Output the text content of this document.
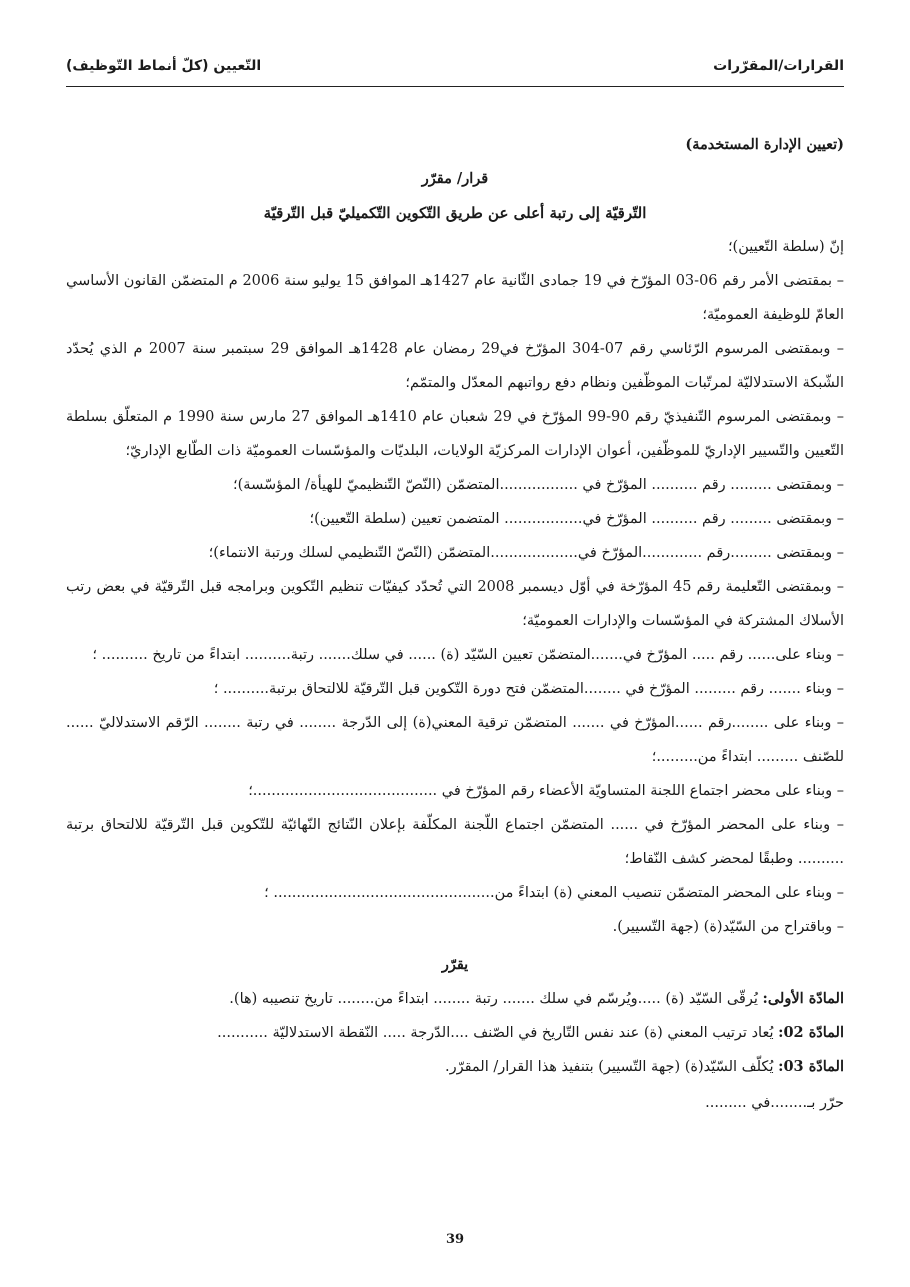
القرارات/المقرّرات
التّعيين (كلّ أنماط التّوظيف)

(تعيين الإدارة المستخدمة)

قرار/ مقرّر

التّرقيّة إلى رتبة أعلى عن طريق التّكوين التّكميليّ قبل التّرقيّة

إنّ (سلطة التّعيين)؛

– بمقتضى الأمر رقم 06-03 المؤرّخ في 19 جمادى الثّانية عام 1427هـ الموافق 15 يوليو سنة 2006 م المتضمّن القانون الأساسي العامّ للوظيفة العموميّة؛

– وبمقتضى المرسوم الرّئاسي رقم 07-304 المؤرّخ في29 رمضان عام 1428هـ الموافق 29 سبتمبر سنة 2007 م الذي يُحدّد الشّبكة الاستدلاليّة لمرتّبات الموظّفين ونظام دفع رواتبهم المعدّل والمتمّم؛

– وبمقتضى المرسوم التّنفيذيّ رقم 90-99 المؤرّخ في 29 شعبان عام 1410هـ الموافق 27 مارس سنة 1990 م المتعلّق بسلطة التّعيين والتّسيير الإداريّ للموظّفين، أعوان الإدارات المركزيّة الولايات، البلديّات والمؤسّسات العموميّة ذات الطّابع الإداريّ؛

– وبمقتضى ......... رقم .......... المؤرّخ في .................المتضمّن (النّصّ التّنظيميّ للهيأة/ المؤسّسة)؛

– وبمقتضى ......... رقم .......... المؤرّخ في................. المتضمن تعيين (سلطة التّعيين)؛

– وبمقتضى .........رقم .............المؤرّخ في...................المتضمّن (النّصّ التّنظيمي لسلك ورتبة الانتماء)؛

– وبمقتضى التّعليمة رقم 45 المؤرّخة في أوّل ديسمبر 2008 التي تُحدّد كيفيّات تنظيم التّكوين وبرامجه قبل التّرقيّة في بعض رتب الأسلاك المشتركة في المؤسّسات والإدارات العموميّة؛

– وبناء على...... رقم ..... المؤرّخ في.......المتضمّن تعيين السّيّد (ة) ...... في سلك....... رتبة.......... ابتداءً من تاريخ .......... ؛

– وبناء ....... رقم ......... المؤرّخ في ........المتضمّن فتح دورة التّكوين قبل التّرقيّة للالتحاق برتبة.......... ؛

– وبناء على ........رقم ......المؤرّخ في ....... المتضمّن ترقية المعني(ة) إلى الدّرجة ........ في رتبة ........ الرّقم الاستدلاليّ ...... للصّنف ......... ابتداءً من.........؛

– وبناء على محضر اجتماع اللجنة المتساويّة الأعضاء رقم المؤرّخ في ........................................؛

– وبناء على المحضر المؤرّخ في ...... المتضمّن اجتماع اللّجنة المكلّفة بإعلان النّتائج النّهائيّة للتّكوين قبل التّرقيّة للالتحاق برتبة .......... وطبقًا لمحضر كشف النّقاط؛

– وبناء على المحضر المتضمّن تنصيب المعني (ة) ابتداءً من................................................ ؛

– وباقتراح من السّيّد(ة) (جهة التّسيير).

يقرّر

المادّة الأولى: يُرقّى السّيّد (ة) .....ويُرسّم في سلك ....... رتبة ........ ابتداءً من........ تاريخ تنصيبه (ها).

المادّة 02: يُعاد ترتيب المعني (ة) عند نفس التّاريخ في الصّنف ....الدّرجة ..... النّقطة الاستدلاليّة ...........

المادّة 03: يُكلّف السّيّد(ة) (جهة التّسيير) بتنفيذ هذا القرار/ المقرّر.

حرّر بـ........في .........

39
